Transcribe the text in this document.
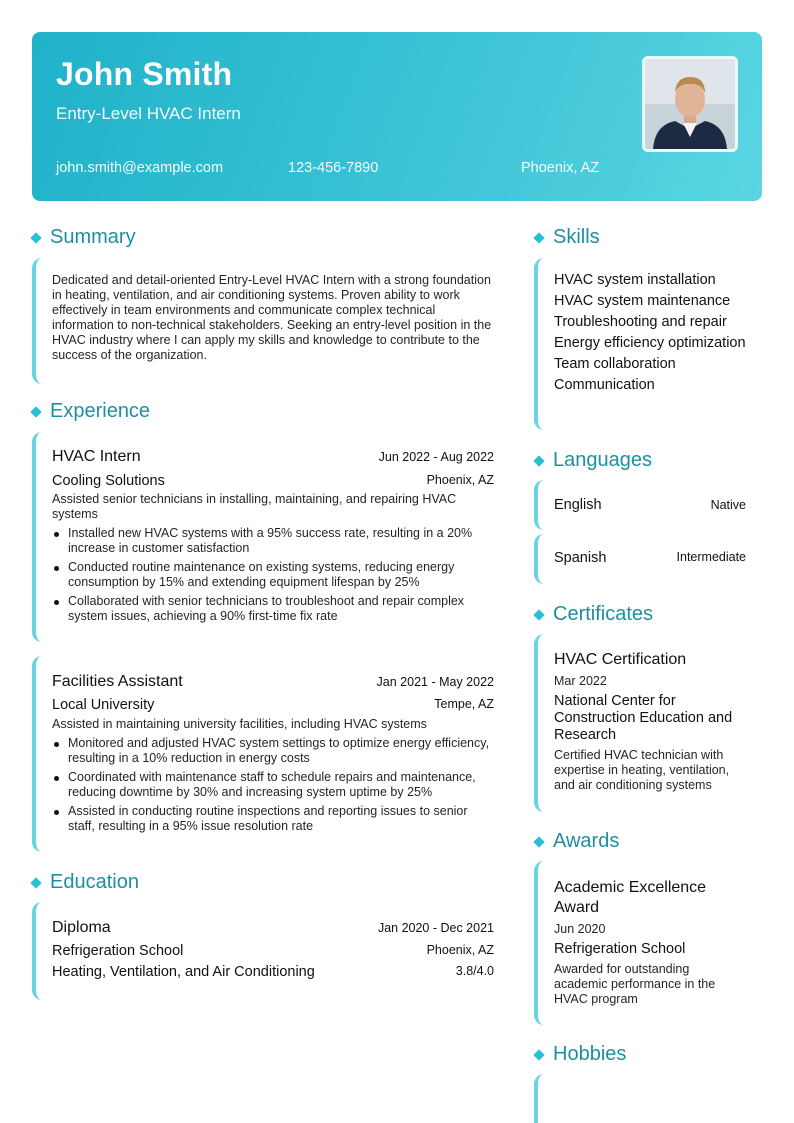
John Smith
Entry-Level HVAC Intern
john.smith@example.com	123-456-7890	Phoenix, AZ
Summary
Dedicated and detail-oriented Entry-Level HVAC Intern with a strong foundation in heating, ventilation, and air conditioning systems. Proven ability to work effectively in team environments and communicate complex technical information to non-technical stakeholders. Seeking an entry-level position in the HVAC industry where I can apply my skills and knowledge to contribute to the success of the organization.
Experience
HVAC Intern	Jun 2022 - Aug 2022
Cooling Solutions	Phoenix, AZ
Assisted senior technicians in installing, maintaining, and repairing HVAC systems
Installed new HVAC systems with a 95% success rate, resulting in a 20% increase in customer satisfaction
Conducted routine maintenance on existing systems, reducing energy consumption by 15% and extending equipment lifespan by 25%
Collaborated with senior technicians to troubleshoot and repair complex system issues, achieving a 90% first-time fix rate
Facilities Assistant	Jan 2021 - May 2022
Local University	Tempe, AZ
Assisted in maintaining university facilities, including HVAC systems
Monitored and adjusted HVAC system settings to optimize energy efficiency, resulting in a 10% reduction in energy costs
Coordinated with maintenance staff to schedule repairs and maintenance, reducing downtime by 30% and increasing system uptime by 25%
Assisted in conducting routine inspections and reporting issues to senior staff, resulting in a 95% issue resolution rate
Education
Diploma	Jan 2020 - Dec 2021
Refrigeration School	Phoenix, AZ
Heating, Ventilation, and Air Conditioning	3.8/4.0
Skills
HVAC system installation
HVAC system maintenance
Troubleshooting and repair
Energy efficiency optimization
Team collaboration
Communication
Languages
English	Native
Spanish	Intermediate
Certificates
HVAC Certification
Mar 2022
National Center for Construction Education and Research
Certified HVAC technician with expertise in heating, ventilation, and air conditioning systems
Awards
Academic Excellence Award
Jun 2020
Refrigeration School
Awarded for outstanding academic performance in the HVAC program
Hobbies
